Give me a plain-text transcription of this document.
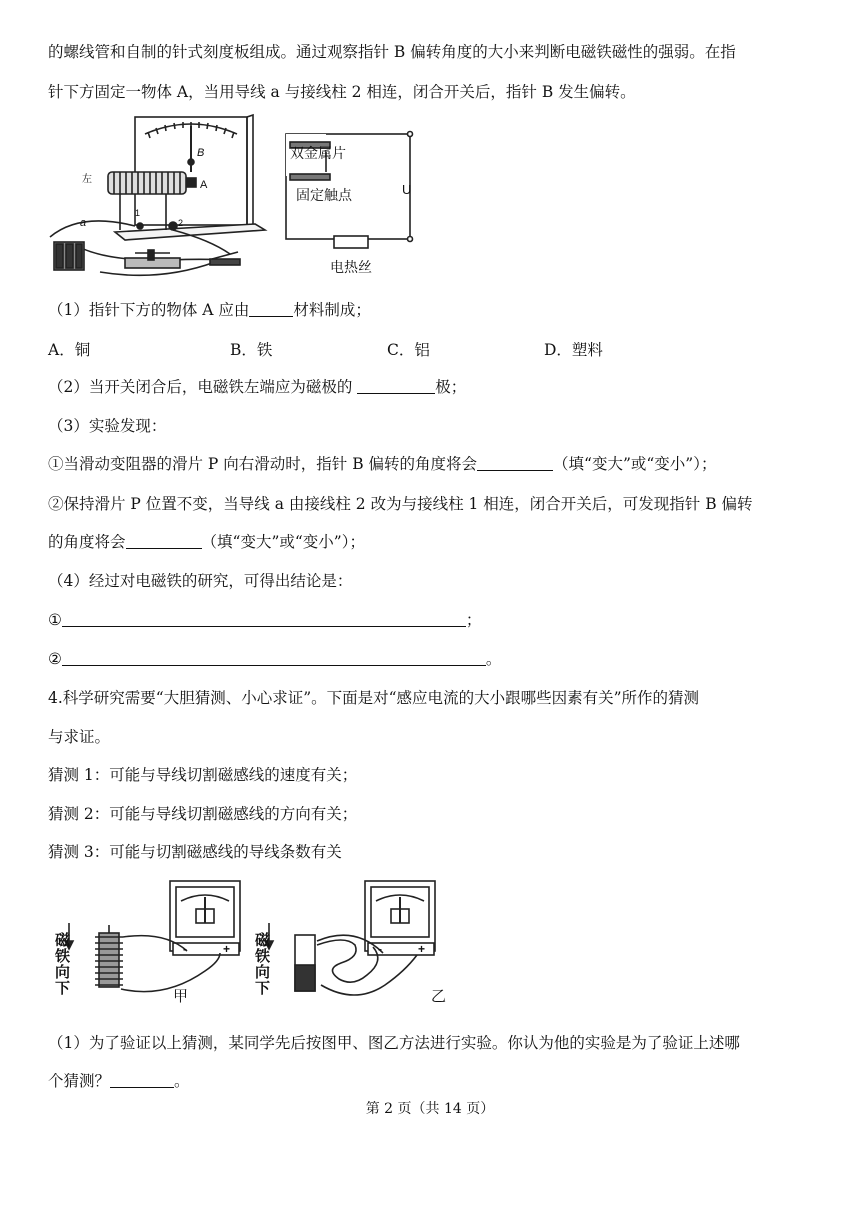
的螺线管和自制的针式刻度板组成。通过观察指针 B 偏转角度的大小来判断电磁铁磁性的强弱。在指
针下方固定一物体 A，当用导线 a 与接线柱 2 相连，闭合开关后，指针 B 发生偏转。
左
B
A
a
1
2
双金属片
固定触点
电热丝
U
（1）指针下方的物体 A 应由	材料制成；
A．铜	B．铁	C．铝	D．塑料
（2）当开关闭合后，电磁铁左端应为磁极的	极；
（3）实验发现：
①当滑动变阻器的滑片 P 向右滑动时，指针 B 偏转的角度将会	（填“变大”或“变小”）；
②保持滑片 P 位置不变，当导线 a 由接线柱 2 改为与接线柱 1 相连，闭合开关后，可发现指针 B 偏转
的角度将会	（填“变大”或“变小”）；
（4）经过对电磁铁的研究，可得出结论是：
①	；
②	。
4.科学研究需要“大胆猜测、小心求证”。下面是对“感应电流的大小跟哪些因素有关”所作的猜测
与求证。
猜测 1：可能与导线切割磁感线的速度有关；
猜测 2：可能与导线切割磁感线的方向有关；
猜测 3：可能与切割磁感线的导线条数有关
磁
铁
向
下
磁
铁
向
下
-	+	-	+
甲	乙
（1）为了验证以上猜测，某同学先后按图甲、图乙方法进行实验。你认为他的实验是为了验证上述哪
个猜测？	。
第 2 页（共 14 页）
